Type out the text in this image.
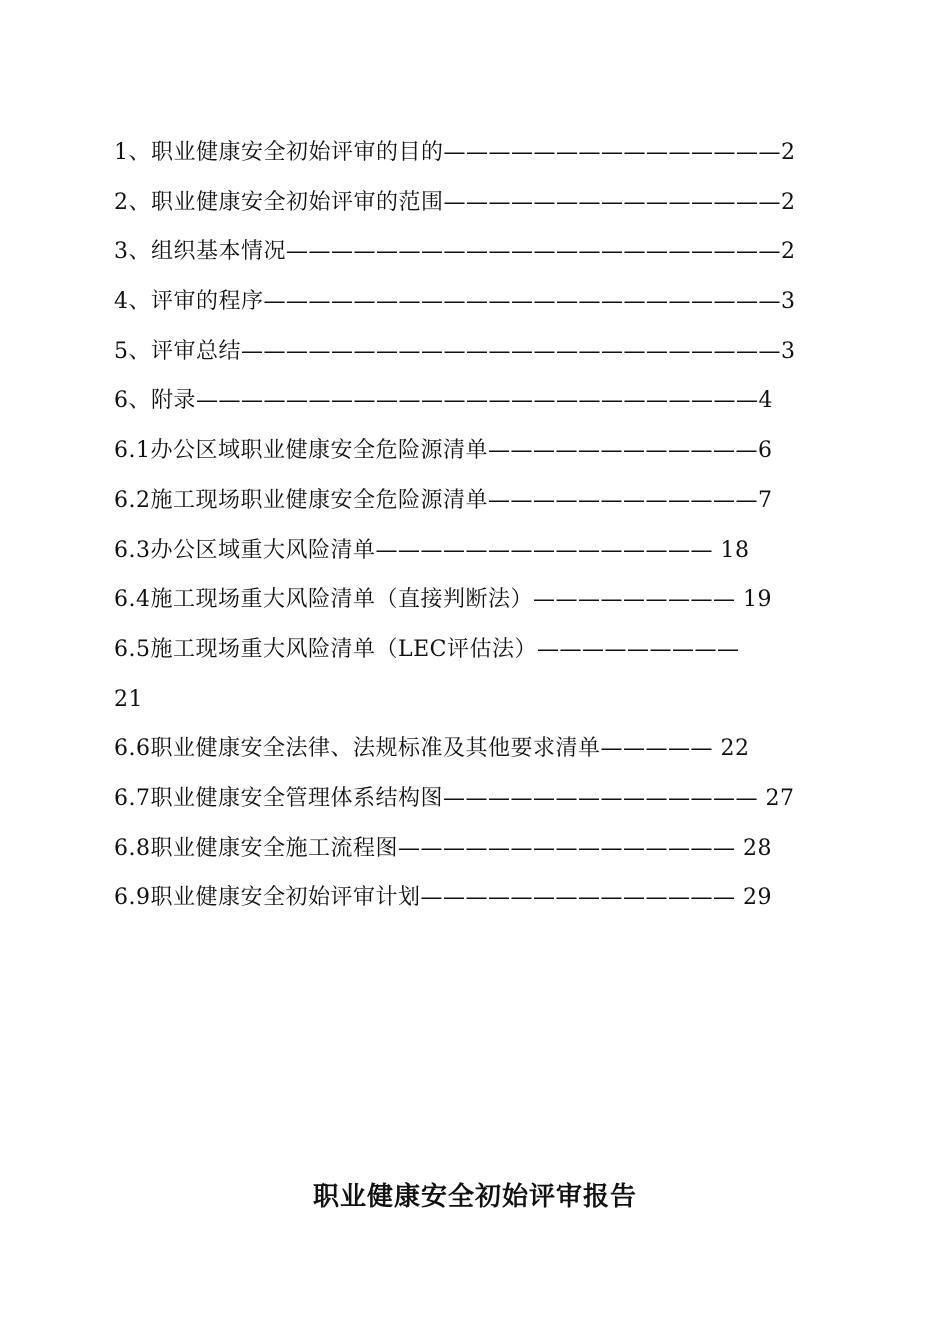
1、职业健康安全初始评审的目的———————————————2
2、职业健康安全初始评审的范围———————————————2
3、组织基本情况——————————————————————2
4、评审的程序———————————————————————3
5、评审总结————————————————————————3
6、附录—————————————————————————4
6.1办公区域职业健康安全危险源清单————————————6
6.2施工现场职业健康安全危险源清单————————————7
6.3办公区域重大风险清单——————————————— 18
6.4施工现场重大风险清单（直接判断法）————————— 19
6.5施工现场重大风险清单（LEC评估法）—————————
21
6.6职业健康安全法律、法规标准及其他要求清单————— 22
6.7职业健康安全管理体系结构图—————————————— 27
6.8职业健康安全施工流程图——————————————— 28
6.9职业健康安全初始评审计划—————————————— 29
职业健康安全初始评审报告
